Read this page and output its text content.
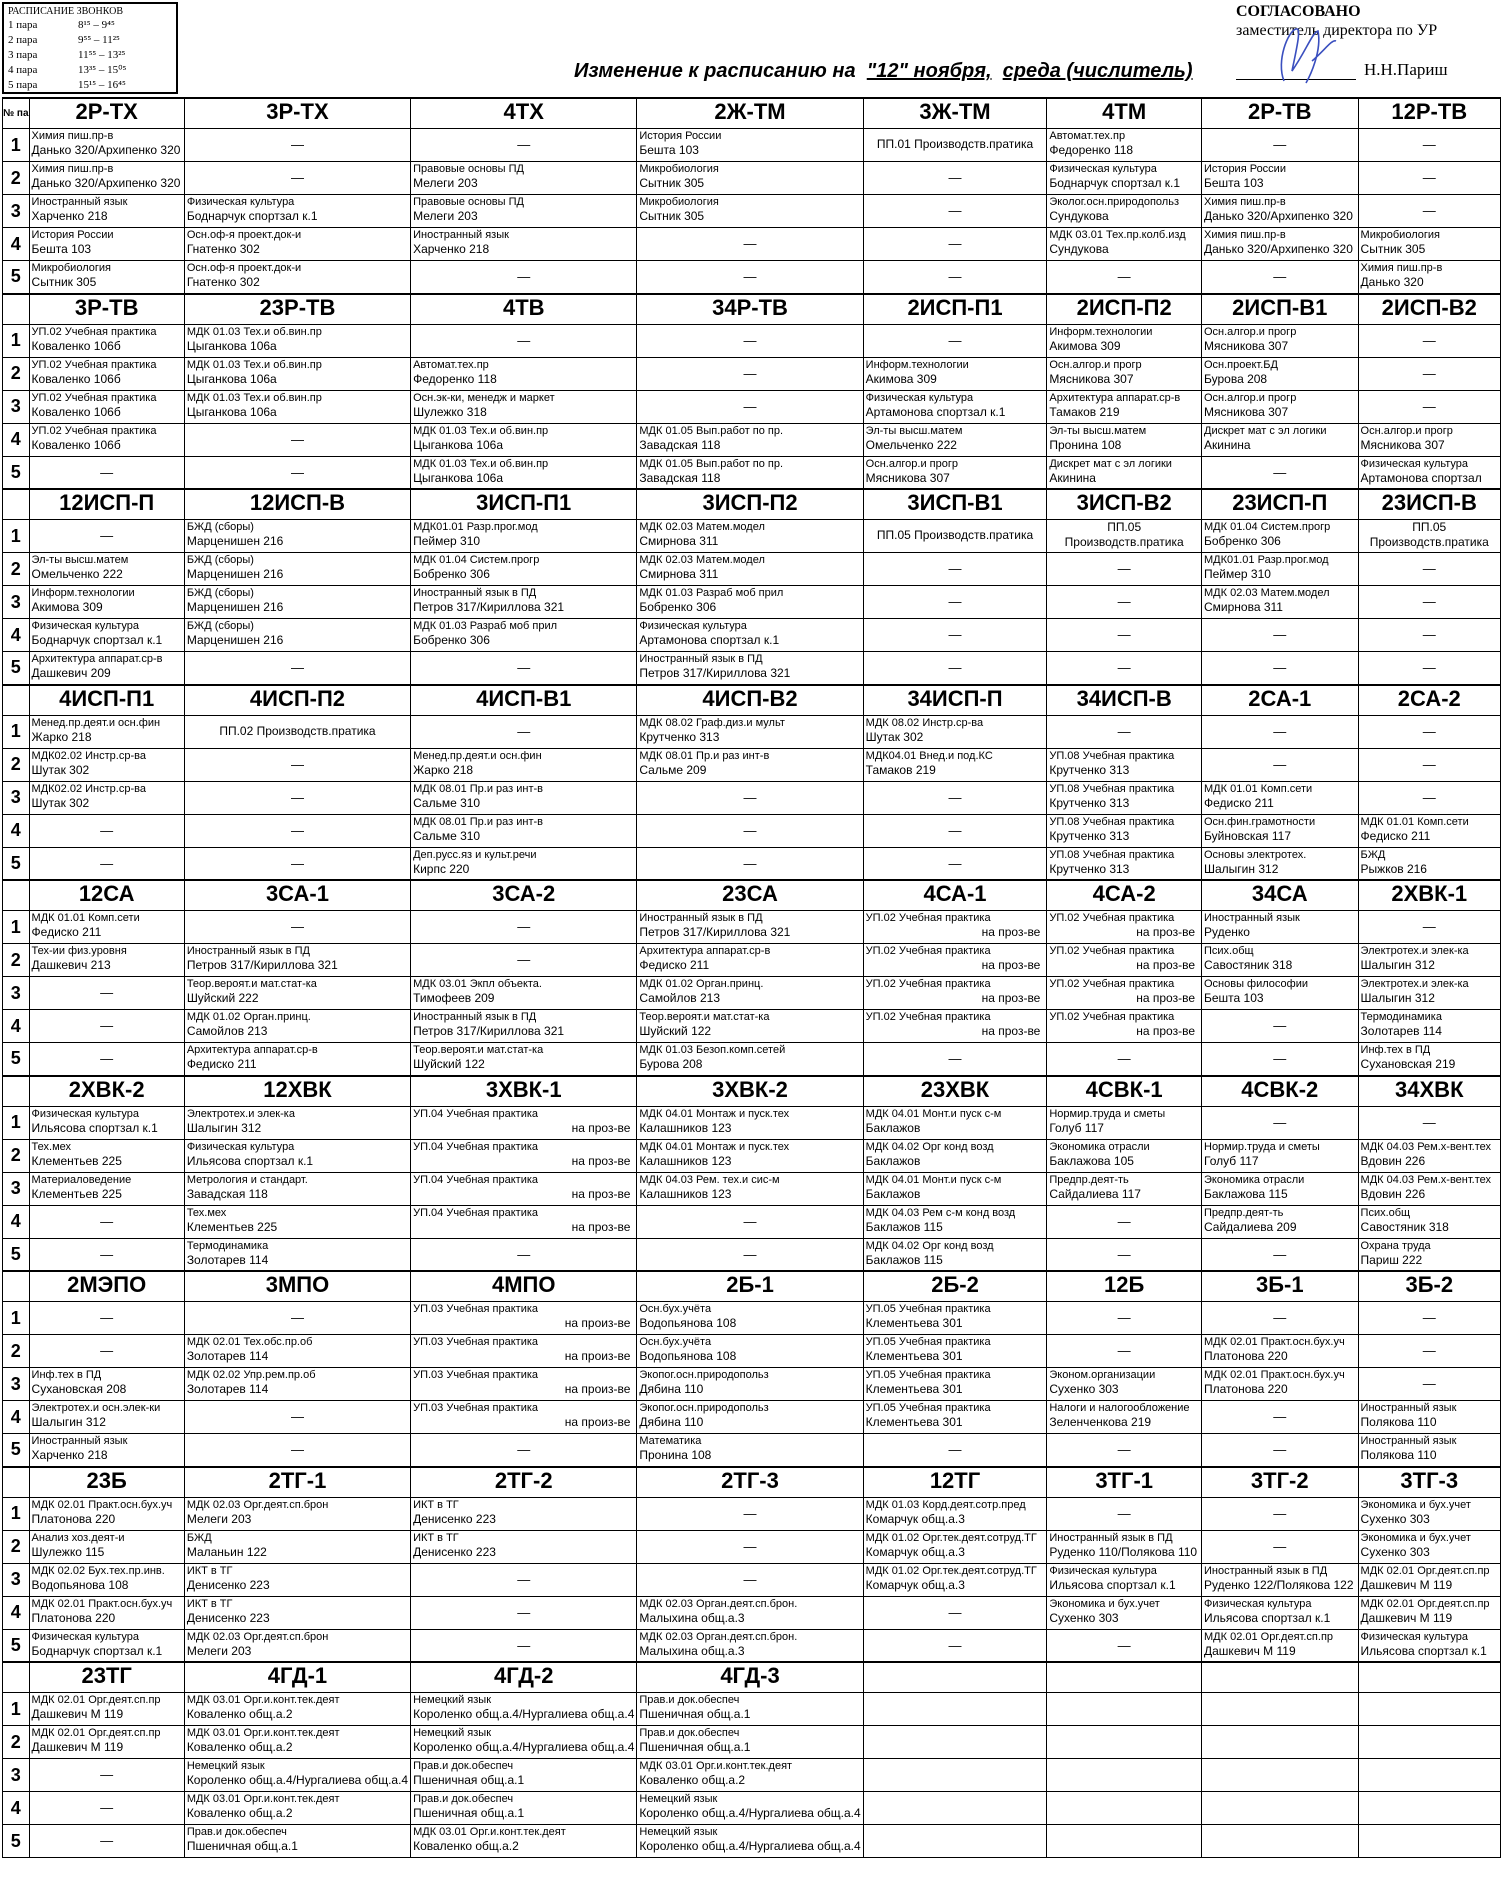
РАСПИСАНИЕ ЗВОНКОВ
1 пара	8¹⁵ – 9⁴⁵
2 пара	9⁵⁵ – 11²⁵
3 пара	11⁵⁵ – 13²⁵
4 пара	13³⁵ – 15⁰⁵
5 пара	15¹⁵ – 16⁴⁵
СОГЛАСОВАНО
заместитель директора по УР
Н.Н.Париш
Изменение к расписанию на "12" ноября, среда (числитель)
№ па	2Р-ТХ	3Р-ТХ	4ТХ	2Ж-ТМ	3Ж-ТМ	4ТМ	2Р-ТВ	12Р-ТВ
1	Химия пиш.пр-в
Данько 320/Архипенко 320	—	—	История России
Бешта 103	ПП.01 Производств.пратика	Автомат.тех.пр
Федоренко 118	—	—

2	Химия пиш.пр-в
Данько 320/Архипенко 320	—	Правовые основы ПД
Мелеги 203	Микробиология
Сытник 305	—	Физическая культура
Боднарчук спортзал к.1	История России
Бешта 103	—

3	Иностранный язык
Харченко 218	Физическая культура
Боднарчук спортзал к.1	Правовые основы ПД
Мелеги 203	Микробиология
Сытник 305	—	Эколог.осн.природопольз
Сундукова	Химия пиш.пр-в
Данько 320/Архипенко 320	—

4	История России
Бешта 103	Осн.оф-я проект.док-и
Гнатенко 302	Иностранный язык
Харченко 218	—	—	МДК 03.01 Тех.пр.колб.изд
Сундукова	Химия пиш.пр-в
Данько 320/Архипенко 320	Микробиология
Сытник 305

5	Микробиология
Сытник 305	Осн.оф-я проект.док-и
Гнатенко 302	—	—	—	—	—	Химия пиш.пр-в
Данько 320

	3Р-ТВ	23Р-ТВ	4ТВ	34Р-ТВ	2ИСП-П1	2ИСП-П2	2ИСП-В1	2ИСП-В2
1	УП.02 Учебная практика
Коваленко 106б	МДК 01.03 Тех.и об.вин.пр
Цыганкова 106а	—	—	—	Информ.технологии
Акимова 309	Осн.алгор.и прогр
Мясникова 307	—

2	УП.02 Учебная практика
Коваленко 106б	МДК 01.03 Тех.и об.вин.пр
Цыганкова 106а	Автомат.тех.пр
Федоренко 118	—	Информ.технологии
Акимова 309	Осн.алгор.и прогр
Мясникова 307	Осн.проект.БД
Бурова 208	—

3	УП.02 Учебная практика
Коваленко 106б	МДК 01.03 Тех.и об.вин.пр
Цыганкова 106а	Осн.эк-ки, менедж и маркет
Шулежко 318	—	Физическая культура
Артамонова спортзал к.1	Архитектура аппарат.ср-в
Тамаков 219	Осн.алгор.и прогр
Мясникова 307	—

4	УП.02 Учебная практика
Коваленко 106б	—	МДК 01.03 Тех.и об.вин.пр
Цыганкова 106а	МДК 01.05 Вып.работ по пр.
Завадская 118	Эл-ты высш.матем
Омельченко 222	Эл-ты высш.матем
Пронина 108	Дискрет мат с эл логики
Акинина	Осн.алгор.и прогр
Мясникова 307

5	—	—	МДК 01.03 Тех.и об.вин.пр
Цыганкова 106а	МДК 01.05 Вып.работ по пр.
Завадская 118	Осн.алгор.и прогр
Мясникова 307	Дискрет мат с эл логики
Акинина	—	Физическая культура
Артамонова спортзал

	12ИСП-П	12ИСП-В	3ИСП-П1	3ИСП-П2	3ИСП-В1	3ИСП-В2	23ИСП-П	23ИСП-В
1	—	БЖД (сборы)
Марценишен 216	МДК01.01 Разр.прог.мод
Пеймер 310	МДК 02.03 Матем.модел
Смирнова 311	ПП.05 Производств.пратика	ПП.05 Производств.пратика	МДК 01.04 Систем.прогр
Бобренко 306	ПП.05 Производств.пратика

2	Эл-ты высш.матем
Омельченко 222	БЖД (сборы)
Марценишен 216	МДК 01.04 Систем.прогр
Бобренко 306	МДК 02.03 Матем.модел
Смирнова 311	—	—	МДК01.01 Разр.прог.мод
Пеймер 310	—

3	Информ.технологии
Акимова 309	БЖД (сборы)
Марценишен 216	Иностранный язык в ПД
Петров 317/Кириллова 321	МДК 01.03 Разраб моб прил
Бобренко 306	—	—	МДК 02.03 Матем.модел
Смирнова 311	—

4	Физическая культура
Боднарчук спортзал к.1	БЖД (сборы)
Марценишен 216	МДК 01.03 Разраб моб прил
Бобренко 306	Физическая культура
Артамонова спортзал к.1	—	—	—	—

5	Архитектура аппарат.ср-в
Дашкевич 209	—	—	Иностранный язык в ПД
Петров 317/Кириллова 321	—	—	—	—

	4ИСП-П1	4ИСП-П2	4ИСП-В1	4ИСП-В2	34ИСП-П	34ИСП-В	2СА-1	2СА-2
1	Менед.пр.деят.и осн.фин
Жарко 218	ПП.02 Производств.пратика	—	МДК 08.02 Граф.диз.и мульт
Крутченко 313	МДК 08.02 Инстр.ср-ва
Шутак 302	—	—	—

2	МДК02.02 Инстр.ср-ва
Шутак 302	—	Менед.пр.деят.и осн.фин
Жарко 218	МДК 08.01 Пр.и раз инт-в
Сальме 209	МДК04.01 Внед.и под.КС
Тамаков 219	УП.08 Учебная практика
Крутченко 313	—	—

3	МДК02.02 Инстр.ср-ва
Шутак 302	—	МДК 08.01 Пр.и раз инт-в
Сальме 310	—	—	УП.08 Учебная практика
Крутченко 313	МДК 01.01 Комп.сети
Федиско 211	—

4	—	—	МДК 08.01 Пр.и раз инт-в
Сальме 310	—	—	УП.08 Учебная практика
Крутченко 313	Осн.фин.грамотности
Буйновская 117	МДК 01.01 Комп.сети
Федиско 211

5	—	—	Деп.русс.яз и культ.речи
Кирпс 220	—	—	УП.08 Учебная практика
Крутченко 313	Основы электротех.
Шалыгин 312	БЖД
Рыжков 216

	12СА	3СА-1	3СА-2	23СА	4СА-1	4СА-2	34СА	2ХВК-1
1	МДК 01.01 Комп.сети
Федиско 211	—	—	Иностранный язык в ПД
Петров 317/Кириллова 321	УП.02 Учебная практика
на проз-ве	УП.02 Учебная практика
на проз-ве	Иностранный язык
Руденко	—

2	Тех-ии физ.уровня
Дашкевич 213	Иностранный язык в ПД
Петров 317/Кириллова 321	—	Архитектура аппарат.ср-в
Федиско 211	УП.02 Учебная практика
на проз-ве	УП.02 Учебная практика
на проз-ве	Псих.общ
Савостяник 318	Электротех.и элек-ка
Шалыгин 312

3	—	Теор.вероят.и мат.стат-ка
Шуйский 222	МДК 03.01 Экпл объекта.
Тимофеев 209	МДК 01.02 Орган.принц.
Самойлов 213	УП.02 Учебная практика
на проз-ве	УП.02 Учебная практика
на проз-ве	Основы философии
Бешта 103	Электротех.и элек-ка
Шалыгин 312

4	—	МДК 01.02 Орган.принц.
Самойлов 213	Иностранный язык в ПД
Петров 317/Кириллова 321	Теор.вероят.и мат.стат-ка
Шуйский 122	УП.02 Учебная практика
на проз-ве	УП.02 Учебная практика
на проз-ве	—	Термодинамика
Золотарев 114

5	—	Архитектура аппарат.ср-в
Федиско 211	Теор.вероят.и мат.стат-ка
Шуйский 122	МДК 01.03 Безоп.комп.сетей
Бурова 208	—	—	—	Инф.тех в ПД
Сухановская 219

	2ХВК-2	12ХВК	3ХВК-1	3ХВК-2	23ХВК	4СВК-1	4СВК-2	34ХВК
1	Физическая культура
Ильясова спортзал к.1	Электротех.и элек-ка
Шалыгин 312	УП.04 Учебная практика
на проз-ве	МДК 04.01 Монтаж и пуск.тех
Калашников 123	МДК 04.01 Монт.и пуск с-м
Баклажов	Нормир.труда и сметы
Голуб 117	—	—

2	Тех.мех
Клементьев 225	Физическая культура
Ильясова спортзал к.1	УП.04 Учебная практика
на проз-ве	МДК 04.01 Монтаж и пуск.тех
Калашников 123	МДК 04.02 Орг конд возд
Баклажов	Экономика отрасли
Баклажова 105	Нормир.труда и сметы
Голуб 117	МДК 04.03 Рем.х-вент.тех
Вдовин 226

3	Материаловедение
Клементьев 225	Метрология и стандарт.
Завадская 118	УП.04 Учебная практика
на проз-ве	МДК 04.03 Рем. тех.и сис-м
Калашников 123	МДК 04.01 Монт.и пуск с-м
Баклажов	Предпр.деят-ть
Сайдалиева 117	Экономика отрасли
Баклажова 115	МДК 04.03 Рем.х-вент.тех
Вдовин 226

4	—	Тех.мех
Клементьев 225	УП.04 Учебная практика
на проз-ве	—	МДК 04.03 Рем с-м конд возд
Баклажов 115	—	Предпр.деят-ть
Сайдалиева 209	Псих.общ
Савостяник 318

5	—	Термодинамика
Золотарев 114	—	—	МДК 04.02 Орг конд возд
Баклажов 115	—	—	Охрана труда
Париш 222

	2МЭПО	3МПО	4МПО	2Б-1	2Б-2	12Б	3Б-1	3Б-2
1	—	—	УП.03 Учебная практика
на произ-ве	Осн.бух.учёта
Водопьянова 108	УП.05 Учебная практика
Клементьева 301	—	—	—

2	—	МДК 02.01 Тех.обс.пр.об
Золотарев 114	УП.03 Учебная практика
на произ-ве	Осн.бух.учёта
Водопьянова 108	УП.05 Учебная практика
Клементьева 301	—	МДК 02.01 Практ.осн.бух.уч
Платонова 220	—

3	Инф.тех в ПД
Сухановская 208	МДК 02.02 Упр.рем.пр.об
Золотарев 114	УП.03 Учебная практика
на произ-ве	Экопог.осн.природопольз
Дябина 110	УП.05 Учебная практика
Клементьева 301	Эконом.организации
Сухенко 303	МДК 02.01 Практ.осн.бух.уч
Платонова 220	—

4	Электротех.и осн.элек-ки
Шалыгин 312	—	УП.03 Учебная практика
на произ-ве	Экопог.осн.природопольз
Дябина 110	УП.05 Учебная практика
Клементьева 301	Налоги и налогообложение
Зеленченкова 219	—	Иностранный язык
Полякова 110

5	Иностранный язык
Харченко 218	—	—	Математика
Пронина 108	—	—	—	Иностранный язык
Полякова 110

	23Б	2ТГ-1	2ТГ-2	2ТГ-3	12ТГ	3ТГ-1	3ТГ-2	3ТГ-3
1	МДК 02.01 Практ.осн.бух.уч
Платонова 220	МДК 02.03 Орг.деят.сп.брон
Мелеги 203	ИКТ в ТГ
Денисенко 223	—	МДК 01.03 Корд.деят.сотр.пред
Комарчук общ.а.3	—	—	Экономика и бух.учет
Сухенко 303

2	Анализ хоз.деят-и
Шулежко 115	БЖД
Маланьин 122	ИКТ в ТГ
Денисенко 223	—	МДК 01.02 Орг.тек.деят.сотруд.ТГ
Комарчук общ.а.3	Иностранный язык в ПД
Руденко 110/Полякова 110	—	Экономика и бух.учет
Сухенко 303

3	МДК 02.02 Бух.тех.пр.инв.
Водопьянова 108	ИКТ в ТГ
Денисенко 223	—	—	МДК 01.02 Орг.тек.деят.сотруд.ТГ
Комарчук общ.а.3	Физическая культура
Ильясова спортзал к.1	Иностранный язык в ПД
Руденко 122/Полякова 122	МДК 02.01 Орг.деят.сп.пр
Дашкевич М 119

4	МДК 02.01 Практ.осн.бух.уч
Платонова 220	ИКТ в ТГ
Денисенко 223	—	МДК 02.03 Орган.деят.сп.брон.
Малыхина общ.а.3	—	Экономика и бух.учет
Сухенко 303	Физическая культура
Ильясова спортзал к.1	МДК 02.01 Орг.деят.сп.пр
Дашкевич М 119

5	Физическая культура
Боднарчук спортзал к.1	МДК 02.03 Орг.деят.сп.брон
Мелеги 203	—	МДК 02.03 Орган.деят.сп.брон.
Малыхина общ.а.3	—	—	МДК 02.01 Орг.деят.сп.пр
Дашкевич М 119	Физическая культура
Ильясова спортзал к.1

	23ТГ	4ГД-1	4ГД-2	4ГД-3				
1	МДК 02.01 Орг.деят.сп.пр
Дашкевич М 119	МДК 03.01 Орг.и.конт.тек.деят
Коваленко общ.а.2	Немецкий язык
Короленко общ.а.4/Нургалиева общ.а.4	Прав.и док.обеспеч
Пшеничная общ.а.1				

2	МДК 02.01 Орг.деят.сп.пр
Дашкевич М 119	МДК 03.01 Орг.и.конт.тек.деят
Коваленко общ.а.2	Немецкий язык
Короленко общ.а.4/Нургалиева общ.а.4	Прав.и док.обеспеч
Пшеничная общ.а.1				

3	—	Немецкий язык
Короленко общ.а.4/Нургалиева общ.а.4	Прав.и док.обеспеч
Пшеничная общ.а.1	МДК 03.01 Орг.и.конт.тек.деят
Коваленко общ.а.2				

4	—	МДК 03.01 Орг.и.конт.тек.деят
Коваленко общ.а.2	Прав.и док.обеспеч
Пшеничная общ.а.1	Немецкий язык
Короленко общ.а.4/Нургалиева общ.а.4				

5	—	Прав.и док.обеспеч
Пшеничная общ.а.1	МДК 03.01 Орг.и.конт.тек.деят
Коваленко общ.а.2	Немецкий язык
Короленко общ.а.4/Нургалиева общ.а.4				
